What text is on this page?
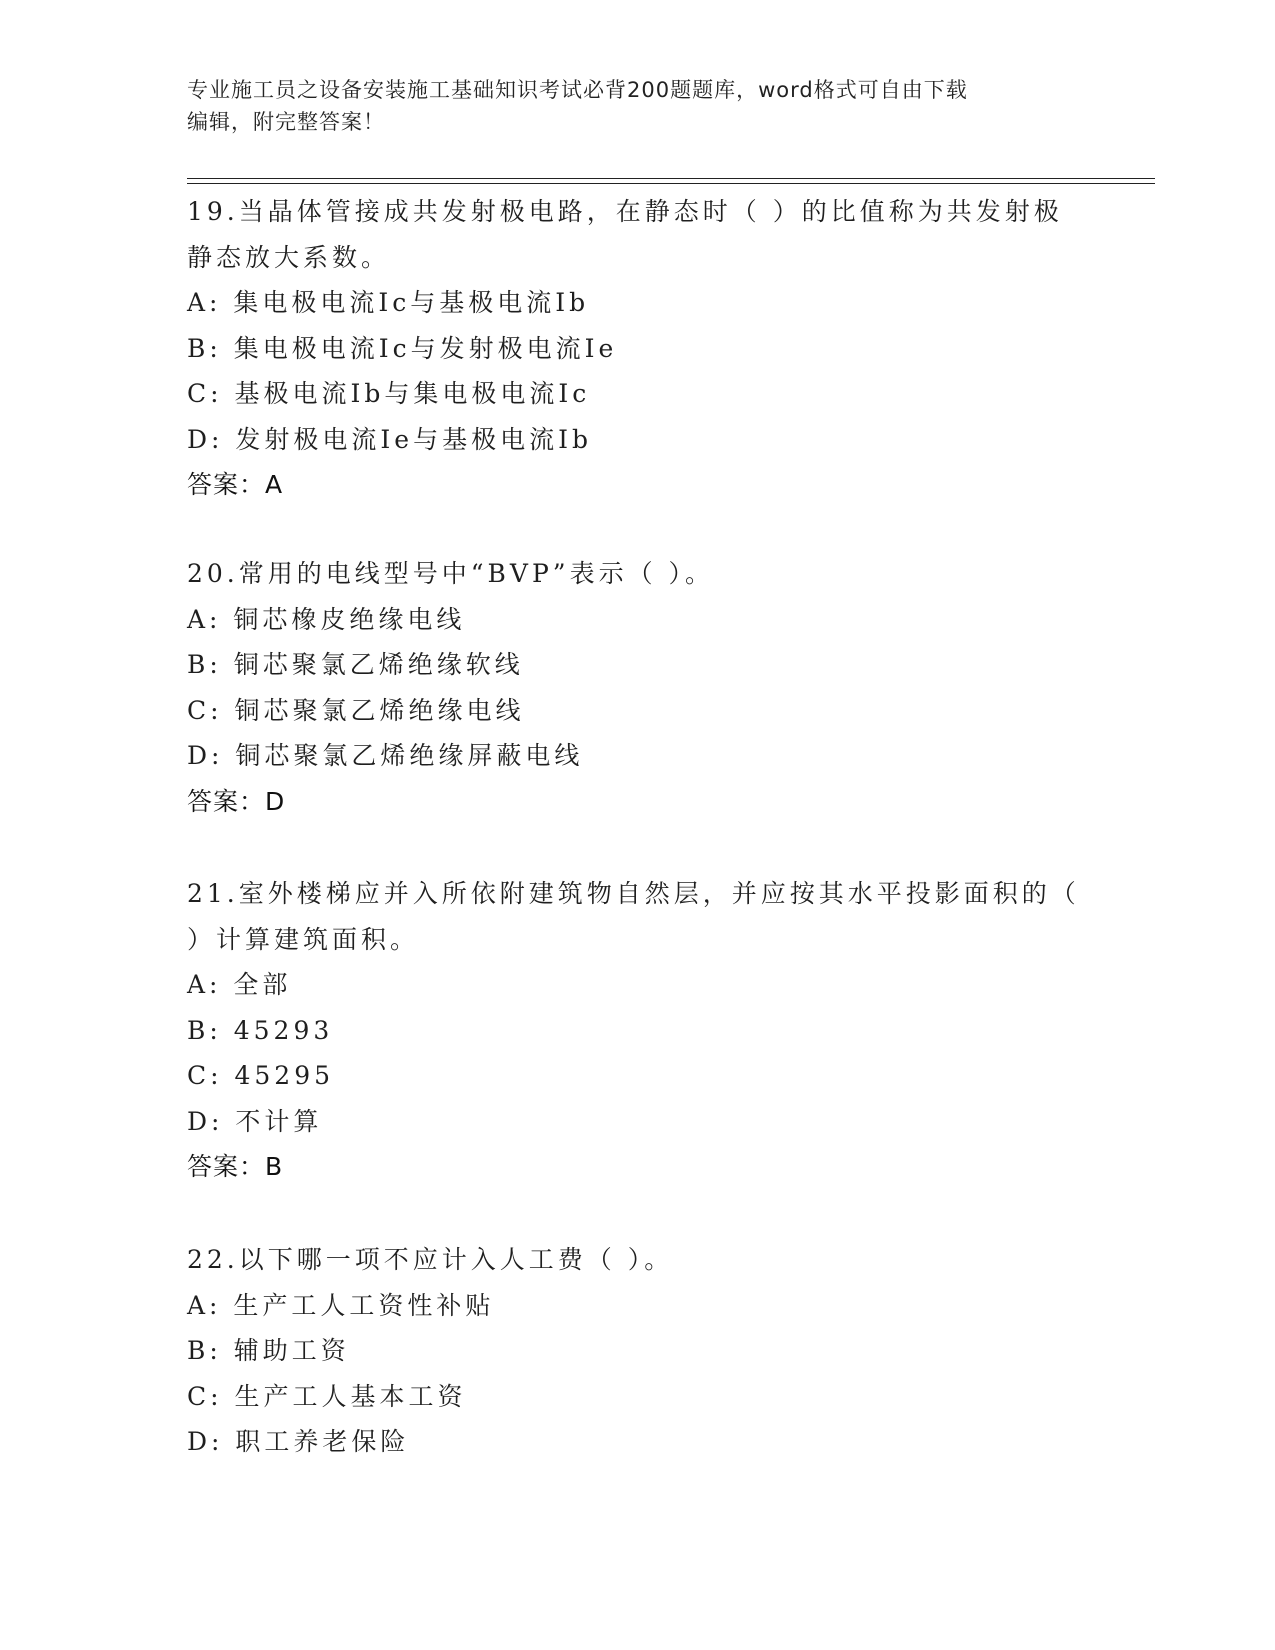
专业施工员之设备安装施工基础知识考试必背200题题库，word格式可自由下载
编辑，附完整答案！
19.当晶体管接成共发射极电路，在静态时（ ）的比值称为共发射极
静态放大系数。
A: 集电极电流Ic与基极电流Ib
B: 集电极电流Ic与发射极电流Ie
C: 基极电流Ib与集电极电流Ic
D: 发射极电流Ie与基极电流Ib
答案：A
20.常用的电线型号中“BVP”表示（ ）。
A: 铜芯橡皮绝缘电线
B: 铜芯聚氯乙烯绝缘软线
C: 铜芯聚氯乙烯绝缘电线
D: 铜芯聚氯乙烯绝缘屏蔽电线
答案：D
21.室外楼梯应并入所依附建筑物自然层，并应按其水平投影面积的（
）计算建筑面积。
A: 全部
B: 45293
C: 45295
D: 不计算
答案：B
22.以下哪一项不应计入人工费（ ）。
A: 生产工人工资性补贴
B: 辅助工资
C: 生产工人基本工资
D: 职工养老保险
